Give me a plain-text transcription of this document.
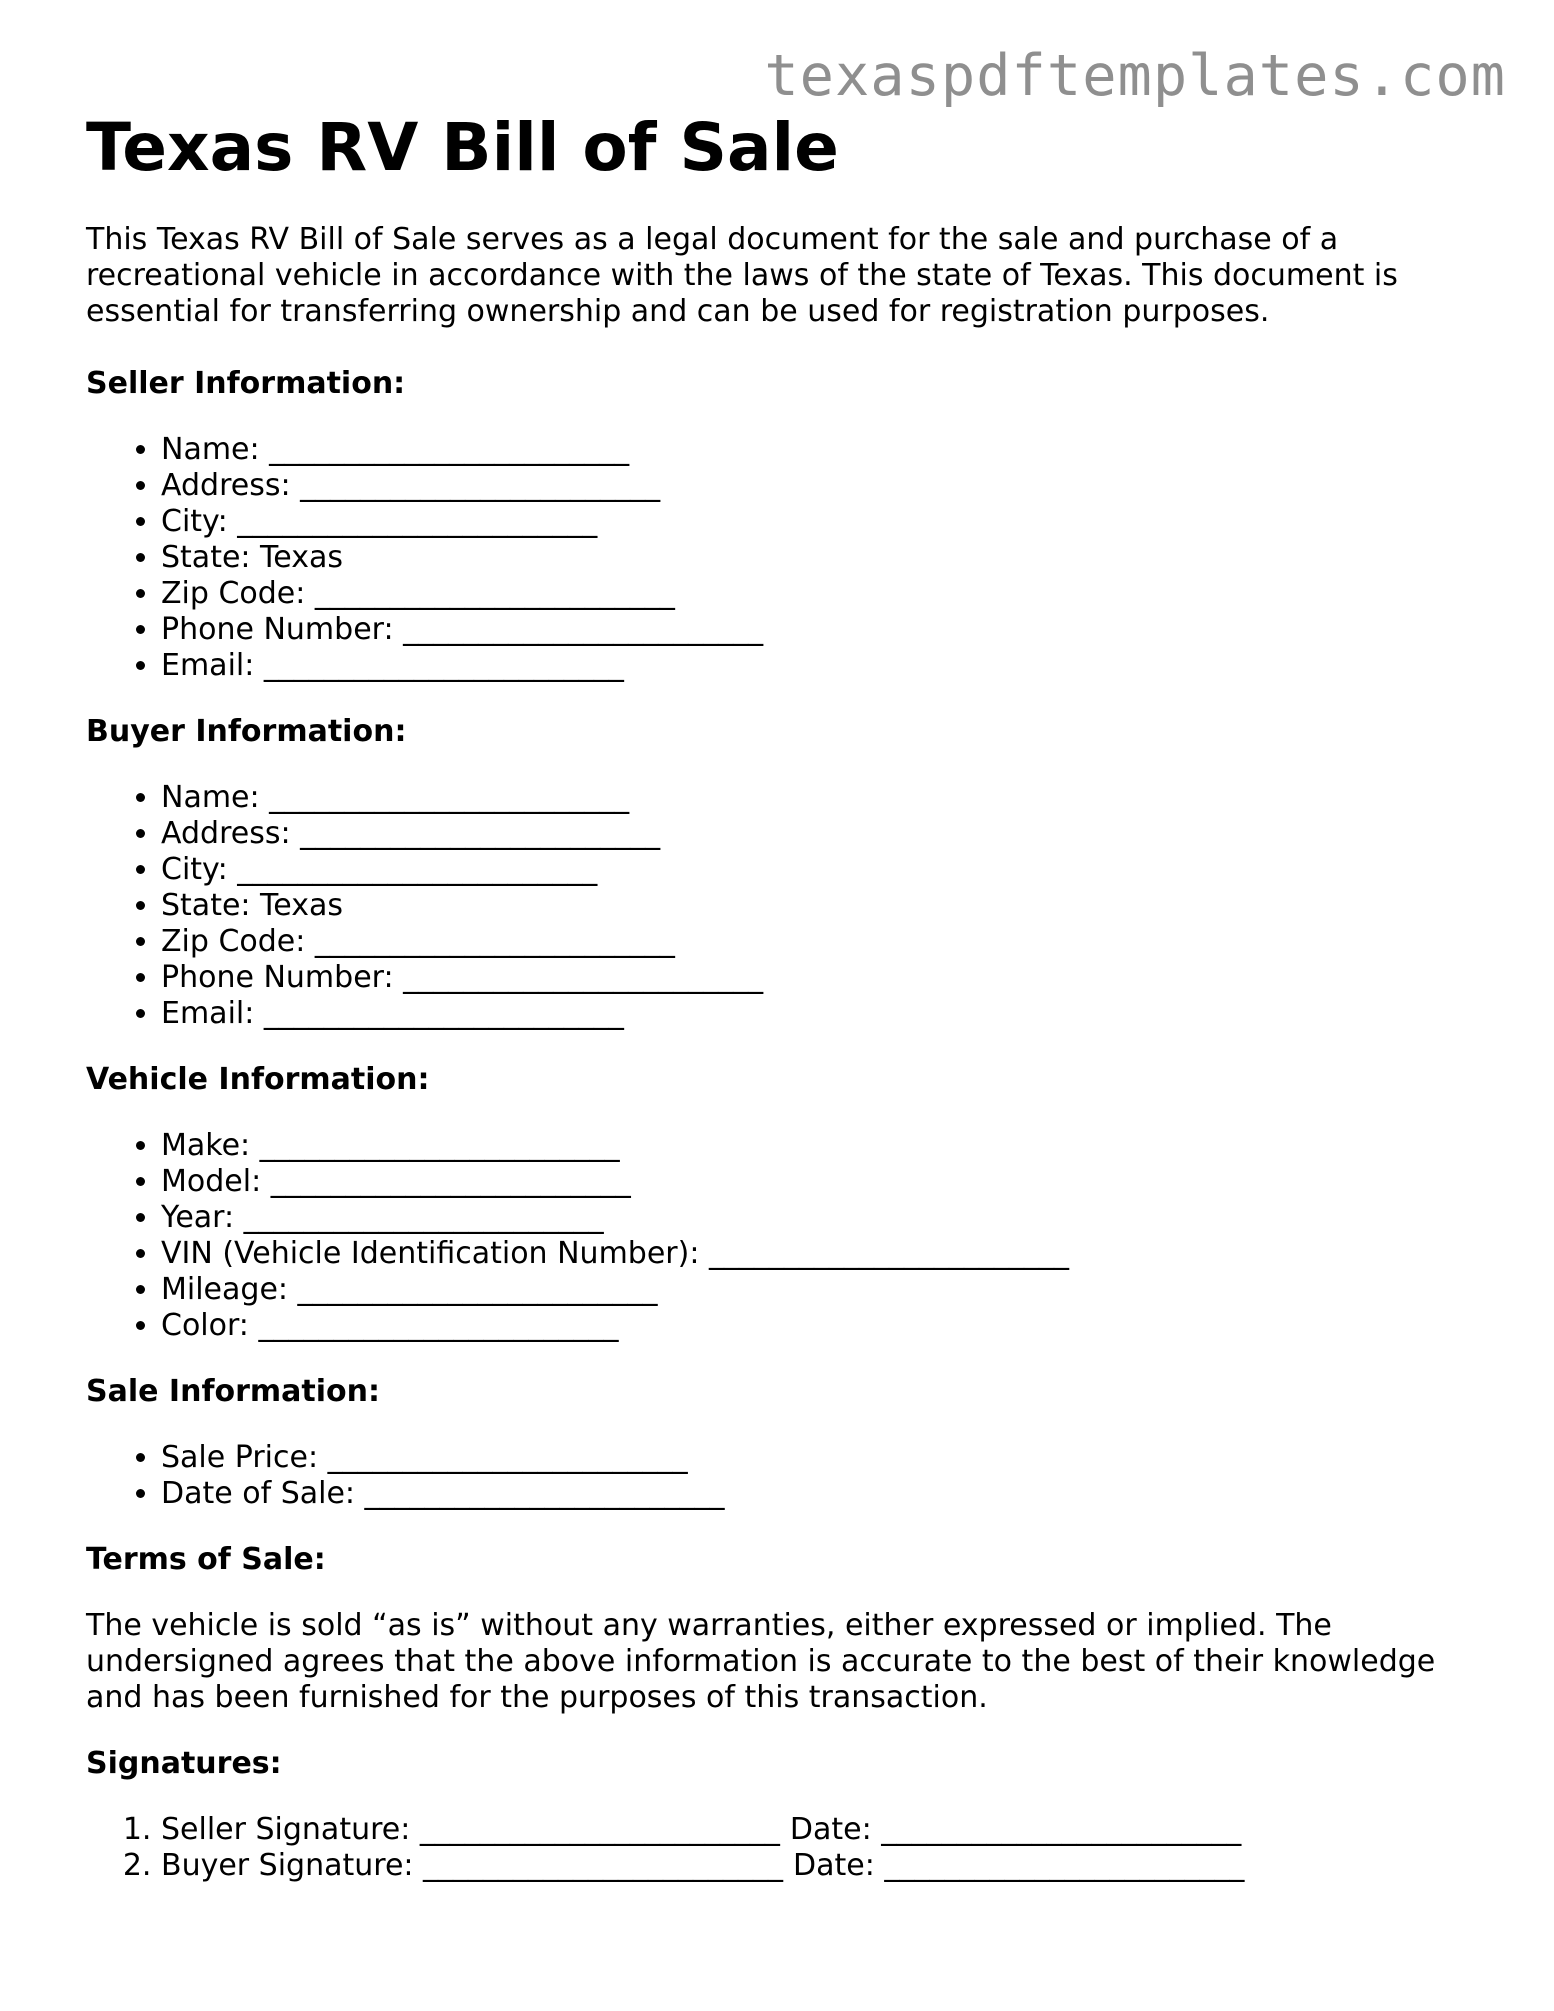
texaspdftemplates.com
Texas RV Bill of Sale

This Texas RV Bill of Sale serves as a legal document for the sale and purchase of a recreational vehicle in accordance with the laws of the state of Texas. This document is essential for transferring ownership and can be used for registration purposes.

Seller Information:
• Name: ________________________
• Address: ________________________
• City: ________________________
• State: Texas
• Zip Code: ________________________
• Phone Number: ________________________
• Email: ________________________
Buyer Information:
• Name: ________________________
• Address: ________________________
• City: ________________________
• State: Texas
• Zip Code: ________________________
• Phone Number: ________________________
• Email: ________________________
Vehicle Information:
• Make: ________________________
• Model: ________________________
• Year: ________________________
• VIN (Vehicle Identification Number): ________________________
• Mileage: ________________________
• Color: ________________________
Sale Information:
• Sale Price: ________________________
• Date of Sale: ________________________
Terms of Sale:

The vehicle is sold “as is” without any warranties, either expressed or implied. The undersigned agrees that the above information is accurate to the best of their knowledge and has been furnished for the purposes of this transaction.

Signatures:
1. Seller Signature: ________________________ Date: ________________________
2. Buyer Signature: ________________________ Date: ________________________
